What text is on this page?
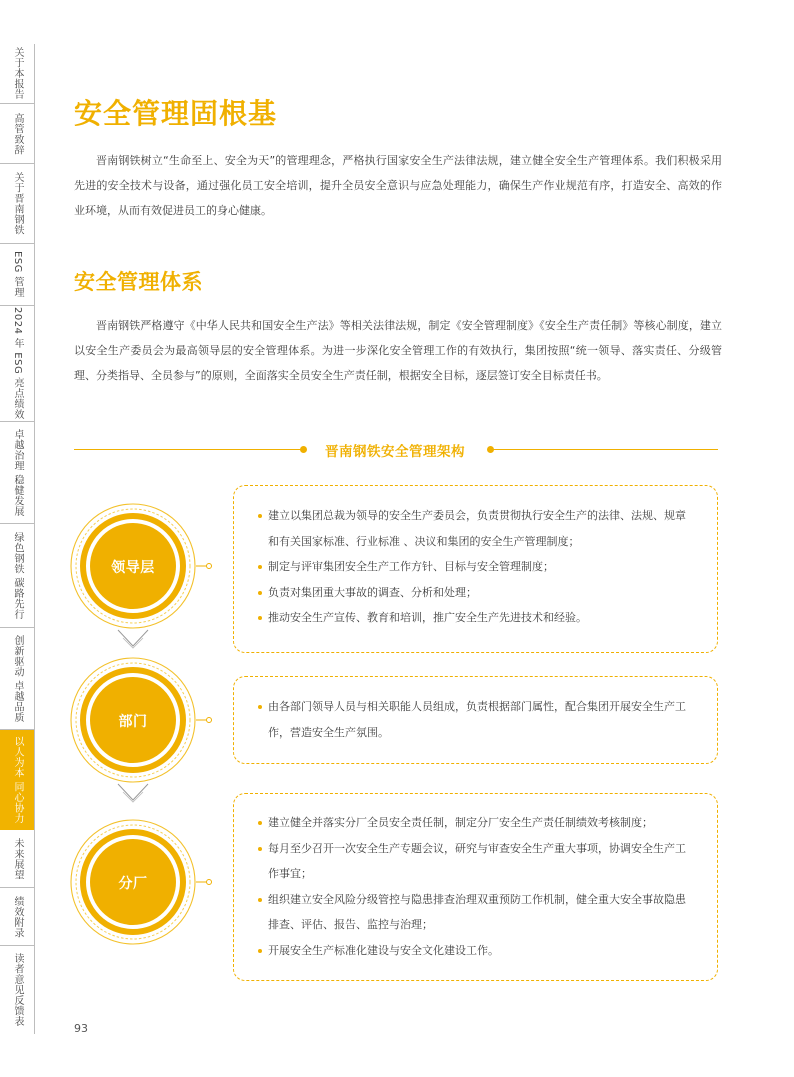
关于本报告
高管致辞
关于晋南钢铁
ESG 管理
2024 年 ESG 亮点绩效
卓越治理 稳健发展
绿色钢铁 碳路先行
创新驱动 卓越品质
以人为本 同心协力
未来展望
绩效附录
读者意见反馈表
安全管理固根基

晋南钢铁树立“生命至上、安全为天”的管理理念，严格执行国家安全生产法律法规，建立健全安全生产管理体系。我们积极采用先进的安全技术与设备，通过强化员工安全培训，提升全员安全意识与应急处理能力，确保生产作业规范有序，打造安全、高效的作业环境，从而有效促进员工的身心健康。

安全管理体系

晋南钢铁严格遵守《中华人民共和国安全生产法》等相关法律法规，制定《安全管理制度》《安全生产责任制》等核心制度，建立以安全生产委员会为最高领导层的安全管理体系。为进一步深化安全管理工作的有效执行，集团按照“统一领导、落实责任、分级管理、分类指导、全员参与”的原则，全面落实全员安全生产责任制，根据安全目标，逐层签订安全目标责任书。

晋南钢铁安全管理架构
领导层
部门
分厂
建立以集团总裁为领导的安全生产委员会，负责贯彻执行安全生产的法律、法规、规章和有关国家标准、行业标准 、决议和集团的安全生产管理制度；
制定与评审集团安全生产工作方针、目标与安全管理制度；
负责对集团重大事故的调查、分析和处理；
推动安全生产宣传、教育和培训，推广安全生产先进技术和经验。
由各部门领导人员与相关职能人员组成，负责根据部门属性，配合集团开展安全生产工作，营造安全生产氛围。
建立健全并落实分厂全员安全责任制，制定分厂安全生产责任制绩效考核制度；
每月至少召开一次安全生产专题会议，研究与审查安全生产重大事项，协调安全生产工作事宜；
组织建立安全风险分级管控与隐患排查治理双重预防工作机制，健全重大安全事故隐患排查、评估、报告、监控与治理；
开展安全生产标准化建设与安全文化建设工作。
93
